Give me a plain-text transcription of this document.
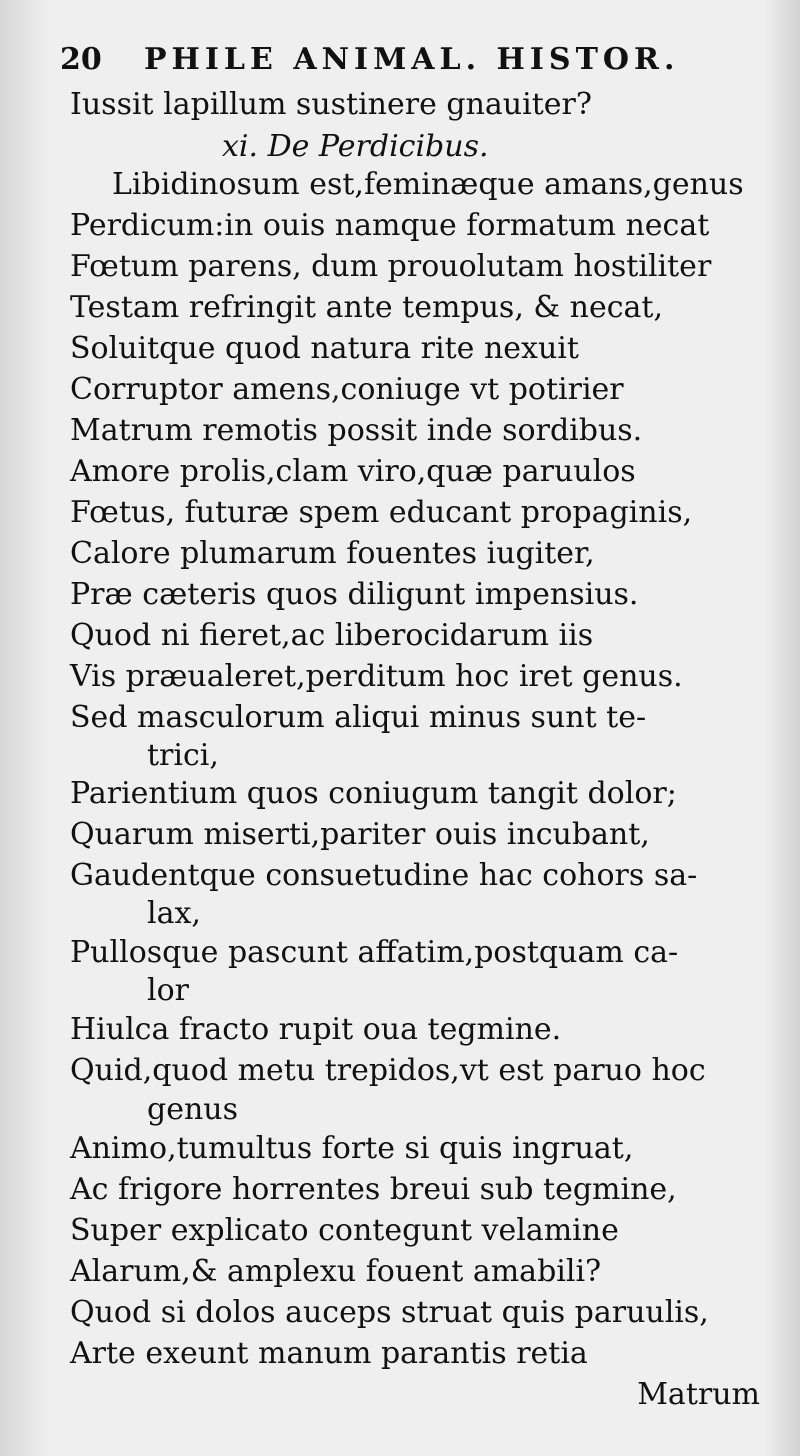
20 PHILE ANIMAL. HISTOR.
Iussit lapillum sustinere gnauiter?
xi. De Perdicibus.
Libidinosum est,feminæque amans,genus
Perdicum:in ouis namque formatum necat
Fœtum parens, dum prouolutam hostiliter
Testam refringit ante tempus, & necat,
Soluitque quod natura rite nexuit
Corruptor amens,coniuge vt potirier
Matrum remotis possit inde sordibus.
Amore prolis,clam viro,quæ paruulos
Fœtus, futuræ spem educant propaginis,
Calore plumarum fouentes iugiter,
Præ cæteris quos diligunt impensius.
Quod ni fieret,ac liberocidarum iis
Vis præualeret,perditum hoc iret genus.
Sed masculorum aliqui minus sunt te-
trici,
Parientium quos coniugum tangit dolor;
Quarum miserti,pariter ouis incubant,
Gaudentque consuetudine hac cohors sa-
lax,
Pullosque pascunt affatim,postquam ca-
lor
Hiulca fracto rupit oua tegmine.
Quid,quod metu trepidos,vt est paruo hoc
genus
Animo,tumultus forte si quis ingruat,
Ac frigore horrentes breui sub tegmine,
Super explicato contegunt velamine
Alarum,& amplexu fouent amabili?
Quod si dolos auceps struat quis paruulis,
Arte exeunt manum parantis retia
Matrum
